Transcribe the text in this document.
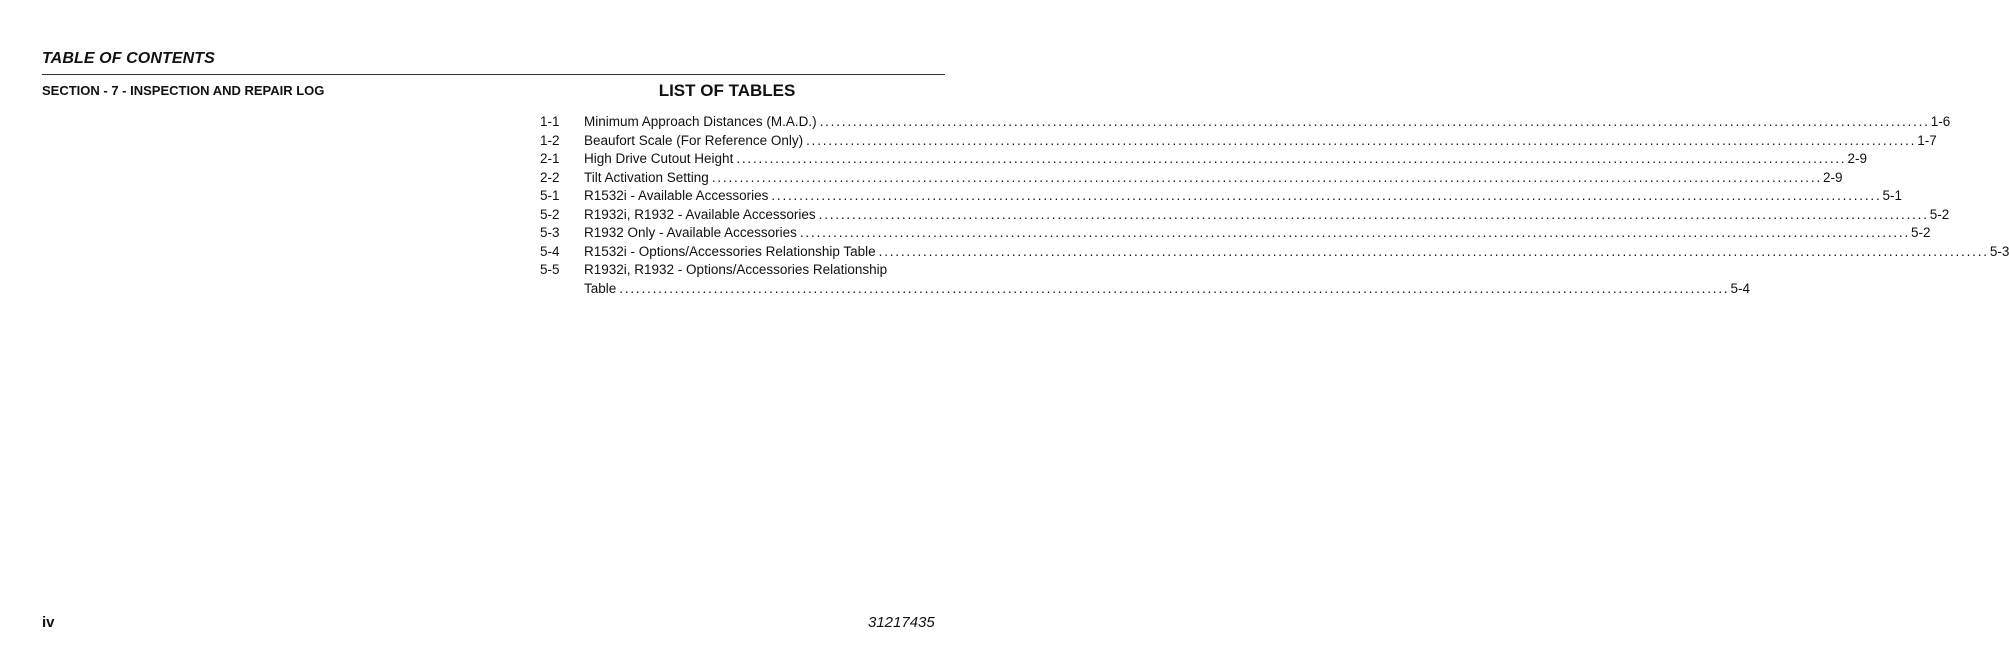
TABLE OF CONTENTS
SECTION - 7 - INSPECTION AND REPAIR LOG	LIST OF TABLES
1-1	Minimum Approach Distances (M.A.D.) ........................................................................................................................................................................................................ 1-6
1-2	Beaufort Scale (For Reference Only) ........................................................................................................................................................................................................ 1-7
2-1	High Drive Cutout Height ........................................................................................................................................................................................................ 2-9
2-2	Tilt Activation Setting ........................................................................................................................................................................................................ 2-9
5-1	R1532i - Available Accessories ........................................................................................................................................................................................................ 5-1
5-2	R1932i, R1932 - Available Accessories ........................................................................................................................................................................................................ 5-2
5-3	R1932 Only - Available Accessories ........................................................................................................................................................................................................ 5-2
5-4	R1532i - Options/Accessories Relationship Table ........................................................................................................................................................................................................ 5-3
5-5	R1932i, R1932 - Options/Accessories Relationship
Table ........................................................................................................................................................................................................ 5-4
iv	31217435
